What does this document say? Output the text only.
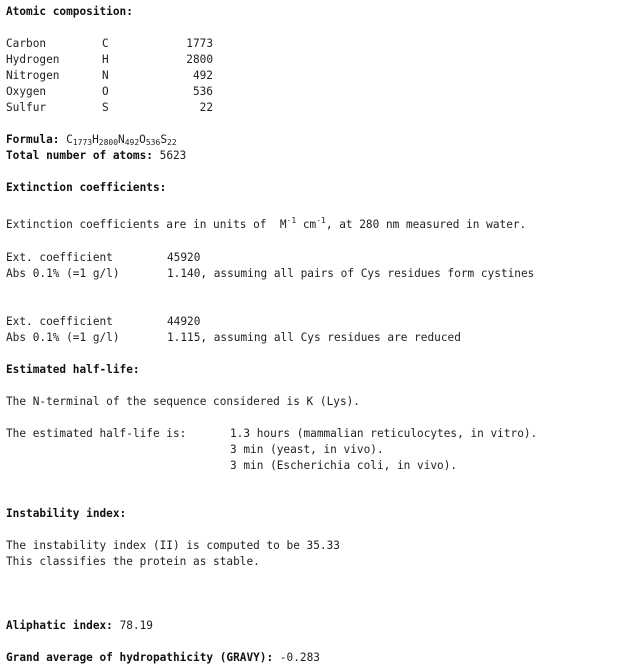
Atomic composition:
Carbon	C	1773
Hydrogen	H	2800
Nitrogen	N	492
Oxygen	O	536
Sulfur	S	22
Formula: $C_{1773}H_{2800}N_{492}O_{536}S_{22}$
Total number of atoms: 5623
Extinction coefficients:
Extinction coefficients are in units of  $M^{-1}$ $cm^{-1}$, at 280 nm measured in water.
Ext. coefficient	45920
Abs 0.1% (=1 g/l)	1.140, assuming all pairs of Cys residues form cystines
Ext. coefficient	44920
Abs 0.1% (=1 g/l)	1.115, assuming all Cys residues are reduced
Estimated half-life:
The N-terminal of the sequence considered is K (Lys).
The estimated half-life is:	1.3 hours (mammalian reticulocytes, in vitro).
3 min (yeast, in vivo).
3 min (Escherichia coli, in vivo).
Instability index:
The instability index (II) is computed to be 35.33
This classifies the protein as stable.
Aliphatic index: 78.19
Grand average of hydropathicity (GRAVY): -0.283
